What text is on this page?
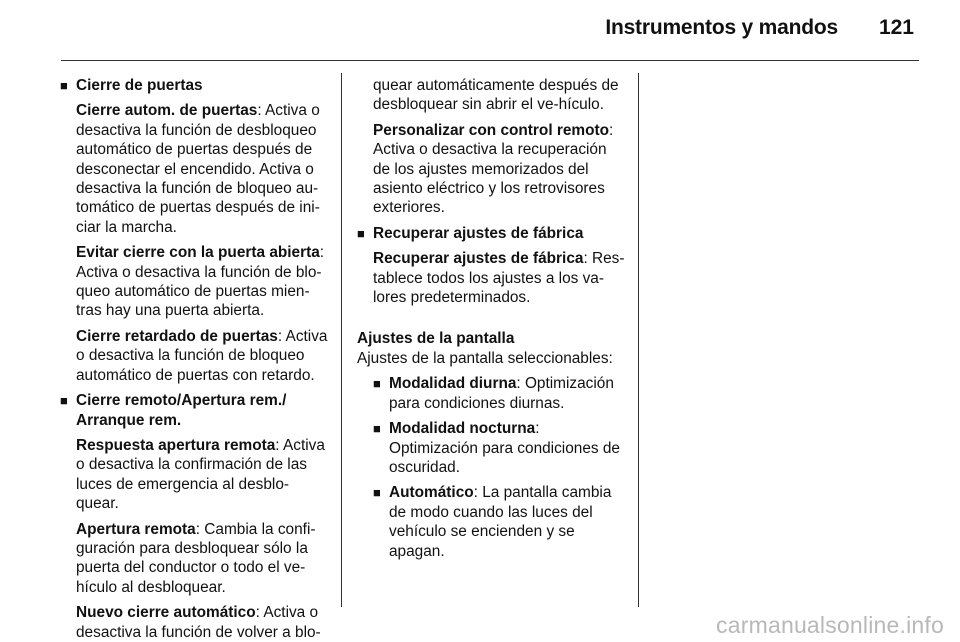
Instrumentos y mandos 121
■ Cierre de puertas

Cierre autom. de puertas: Activa o desactiva la función de desbloqueo automático de puertas después de desconectar el encendido. Activa o desactiva la función de bloqueo au-tomático de puertas después de ini-ciar la marcha.

Evitar cierre con la puerta abierta: Activa o desactiva la función de blo-queo automático de puertas mien-tras hay una puerta abierta.

Cierre retardado de puertas: Activa o desactiva la función de bloqueo automático de puertas con retardo.

■ Cierre remoto/Apertura rem./ Arranque rem.

Respuesta apertura remota: Activa o desactiva la confirmación de las luces de emergencia al desblo-quear.

Apertura remota: Cambia la confi-guración para desbloquear sólo la puerta del conductor o todo el ve-hículo al desbloquear.

Nuevo cierre automático: Activa o desactiva la función de volver a blo-

quear automáticamente después de desbloquear sin abrir el ve-hículo.

Personalizar con control remoto: Activa o desactiva la recuperación de los ajustes memorizados del asiento eléctrico y los retrovisores exteriores.

■ Recuperar ajustes de fábrica

Recuperar ajustes de fábrica: Res-tablece todos los ajustes a los va-lores predeterminados.

Ajustes de la pantalla

Ajustes de la pantalla seleccionables:

■ Modalidad diurna: Optimización para condiciones diurnas.

■ Modalidad nocturna: Optimización para condiciones de oscuridad.

■ Automático: La pantalla cambia de modo cuando las luces del vehículo se encienden y se apagan.

carmanualsonline.info
